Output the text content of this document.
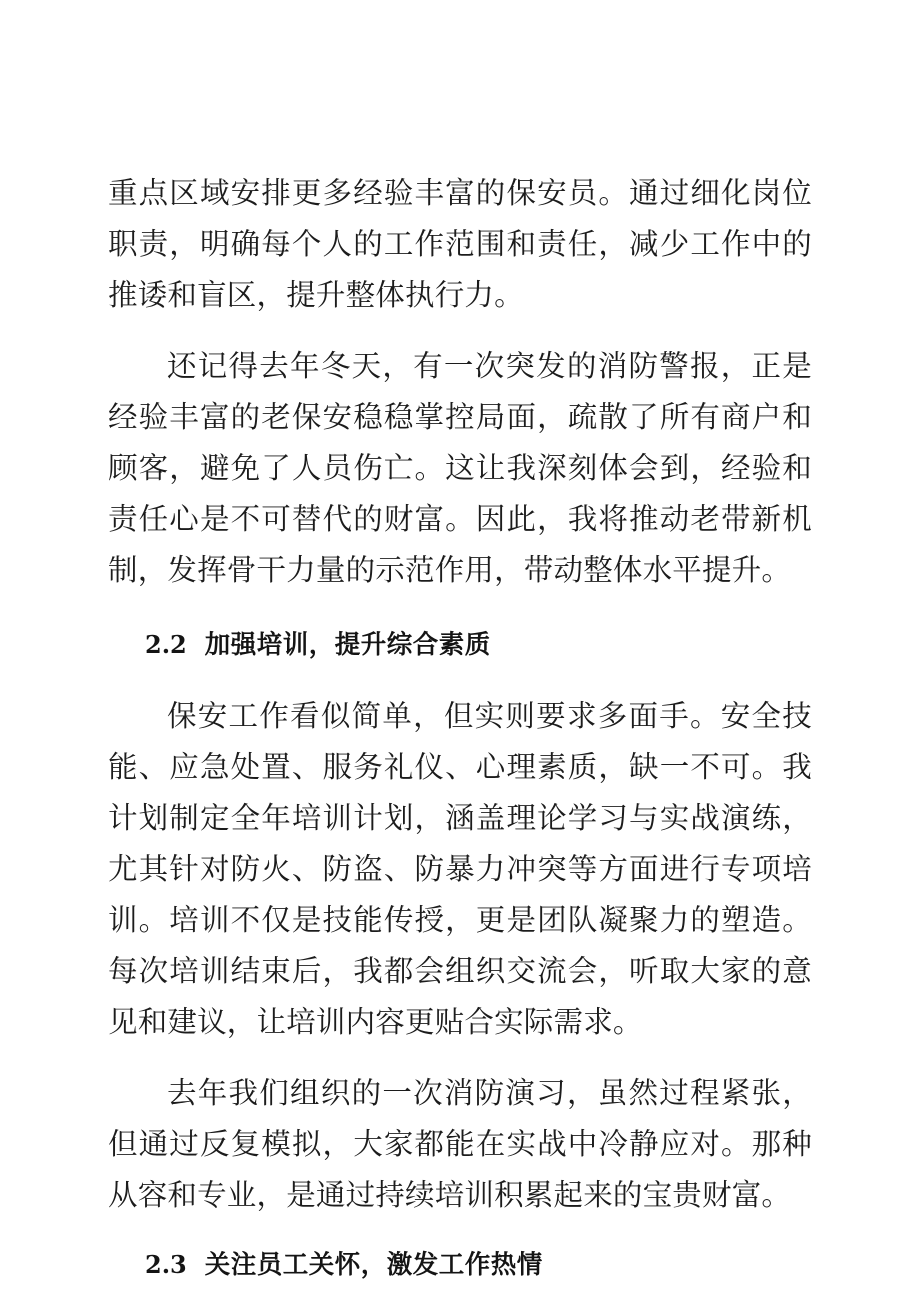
重点区域安排更多经验丰富的保安员。通过细化岗位职责，明确每个人的工作范围和责任，减少工作中的推诿和盲区，提升整体执行力。

还记得去年冬天，有一次突发的消防警报，正是经验丰富的老保安稳稳掌控局面，疏散了所有商户和顾客，避免了人员伤亡。这让我深刻体会到，经验和责任心是不可替代的财富。因此，我将推动老带新机制，发挥骨干力量的示范作用，带动整体水平提升。

2.2 加强培训，提升综合素质

保安工作看似简单，但实则要求多面手。安全技能、应急处置、服务礼仪、心理素质，缺一不可。我计划制定全年培训计划，涵盖理论学习与实战演练，尤其针对防火、防盗、防暴力冲突等方面进行专项培训。培训不仅是技能传授，更是团队凝聚力的塑造。每次培训结束后，我都会组织交流会，听取大家的意见和建议，让培训内容更贴合实际需求。

去年我们组织的一次消防演习，虽然过程紧张，但通过反复模拟，大家都能在实战中冷静应对。那种从容和专业，是通过持续培训积累起来的宝贵财富。

2.3 关注员工关怀，激发工作热情
